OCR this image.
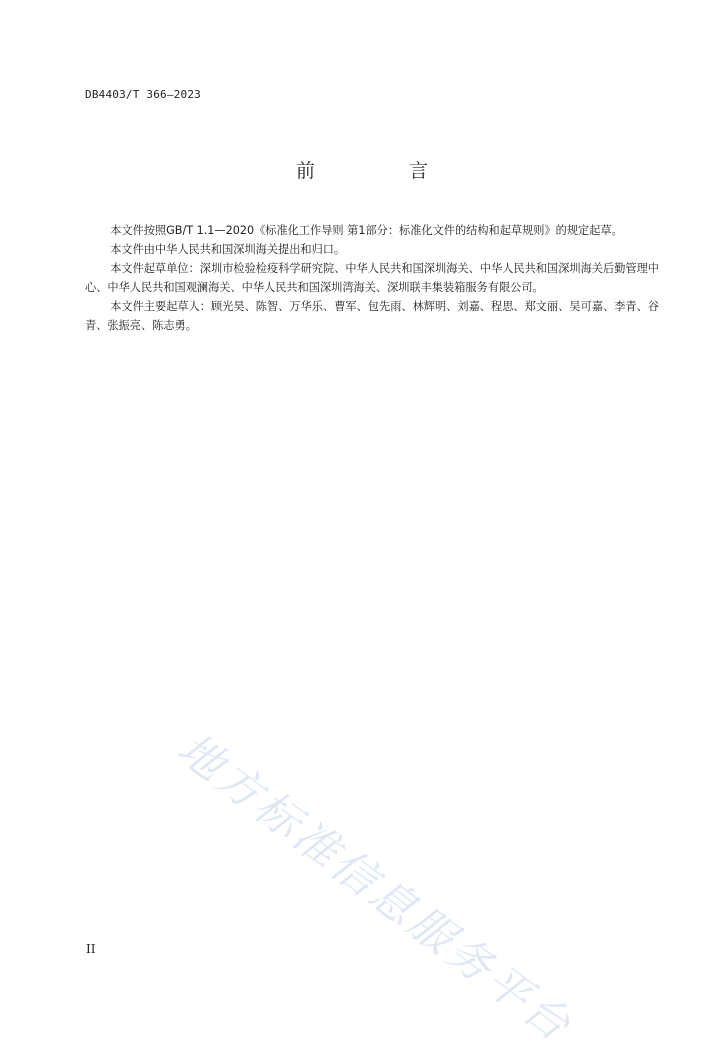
DB4403/T 366—2023
前 言

本文件按照GB/T 1.1—2020《标准化工作导则 第1部分：标准化文件的结构和起草规则》的规定起草。

本文件由中华人民共和国深圳海关提出和归口。

本文件起草单位：深圳市检验检疫科学研究院、中华人民共和国深圳海关、中华人民共和国深圳海关后勤管理中心、中华人民共和国观澜海关、中华人民共和国深圳湾海关、深圳联丰集装箱服务有限公司。

本文件主要起草人：顾光昊、陈智、万华乐、曹军、包先雨、林辉明、刘嘉、程思、郑文丽、吴可嘉、李青、谷青、张振亮、陈志勇。

地方标准信息服务平台
II
